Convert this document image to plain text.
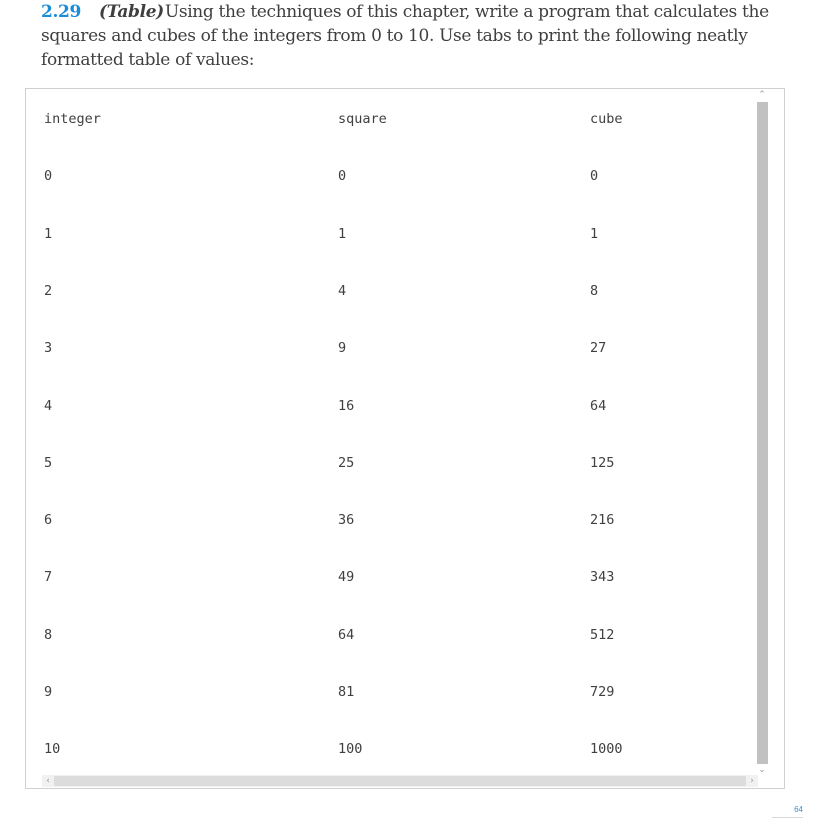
2.29 (Table)Using the techniques of this chapter, write a program that calculates the squares and cubes of the integers from 0 to 10. Use tabs to print the following neatly formatted table of values:
integer	square	cube
0	0	0
1	1	1
2	4	8
3	9	27
4	16	64
5	25	125
6	36	216
7	49	343
8	64	512
9	81	729
10	100	1000
⌃
⌄
‹	›
64
